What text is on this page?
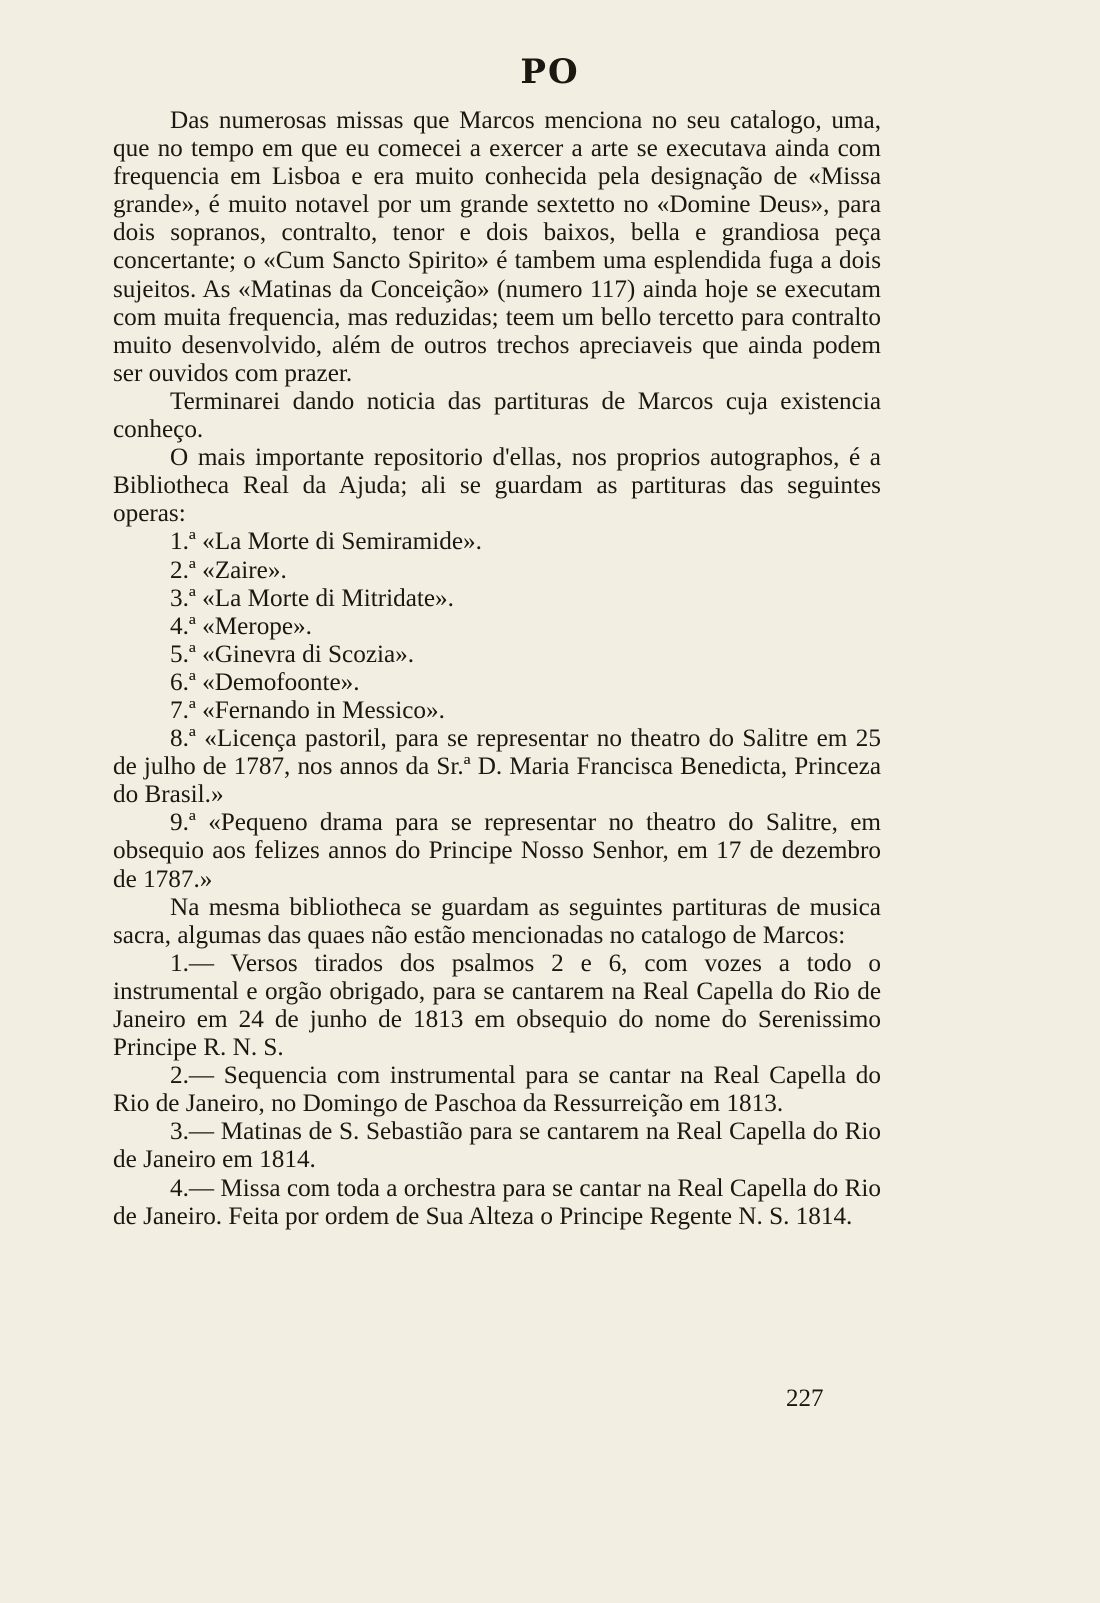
PO

Das numerosas missas que Marcos menciona no seu catalogo, uma, que no tempo em que eu comecei a exercer a arte se executava ainda com frequencia em Lisboa e era muito conhecida pela designação de «Missa grande», é muito notavel por um grande sextetto no «Domine Deus», para dois sopranos, contralto, tenor e dois baixos, bella e grandiosa peça concertante; o «Cum Sancto Spirito» é tambem uma esplendida fuga a dois sujeitos. As «Matinas da Conceição» (numero 117) ainda hoje se executam com muita frequencia, mas reduzidas; teem um bello tercetto para contralto muito desenvolvido, além de outros trechos apreciaveis que ainda podem ser ouvidos com prazer.

Terminarei dando noticia das partituras de Marcos cuja existencia conheço.

O mais importante repositorio d'ellas, nos proprios autographos, é a Bibliotheca Real da Ajuda; ali se guardam as partituras das seguintes operas:

1.ª «La Morte di Semiramide».

2.ª «Zaire».

3.ª «La Morte di Mitridate».

4.ª «Merope».

5.ª «Ginevra di Scozia».

6.ª «Demofoonte».

7.ª «Fernando in Messico».

8.ª «Licença pastoril, para se representar no theatro do Salitre em 25 de julho de 1787, nos annos da Sr.ª D. Maria Francisca Benedicta, Princeza do Brasil.»

9.ª «Pequeno drama para se representar no theatro do Salitre, em obsequio aos felizes annos do Principe Nosso Senhor, em 17 de dezembro de 1787.»

Na mesma bibliotheca se guardam as seguintes partituras de musica sacra, algumas das quaes não estão mencionadas no catalogo de Marcos:

1.— Versos tirados dos psalmos 2 e 6, com vozes a todo o instrumental e orgão obrigado, para se cantarem na Real Capella do Rio de Janeiro em 24 de junho de 1813 em obsequio do nome do Serenissimo Principe R. N. S.

2.— Sequencia com instrumental para se cantar na Real Capella do Rio de Janeiro, no Domingo de Paschoa da Ressurreição em 1813.

3.— Matinas de S. Sebastião para se cantarem na Real Capella do Rio de Janeiro em 1814.

4.— Missa com toda a orchestra para se cantar na Real Capella do Rio de Janeiro. Feita por ordem de Sua Alteza o Principe Regente N. S. 1814.

227
